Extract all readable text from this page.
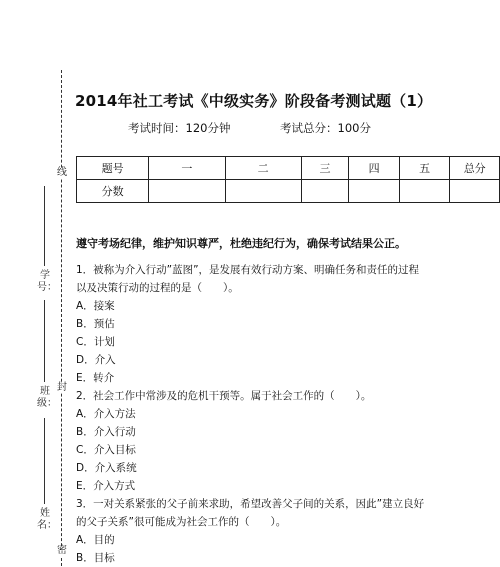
线
封
密
学号：
班级：
姓名：
2014年社工考试《中级实务》阶段备考测试题（1）
考试时间：120分钟	考试总分：100分
题号	一	二	三	四	五	总分
分数						
遵守考场纪律，维护知识尊严，杜绝违纪行为，确保考试结果公正。
1．被称为介入行动”蓝图”，是发展有效行动方案、明确任务和责任的过程以及决策行动的过程的是（　　）。
A．接案
B．预估
C．计划
D．介入
E．转介
2．社会工作中常涉及的危机干预等。属于社会工作的（　　）。
A．介入方法
B．介入行动
C．介入目标
D．介入系统
E．介入方式
3．一对关系紧张的父子前来求助，希望改善父子间的关系，因此”建立良好的父子关系”很可能成为社会工作的（　　）。
A．目的
B．目标
